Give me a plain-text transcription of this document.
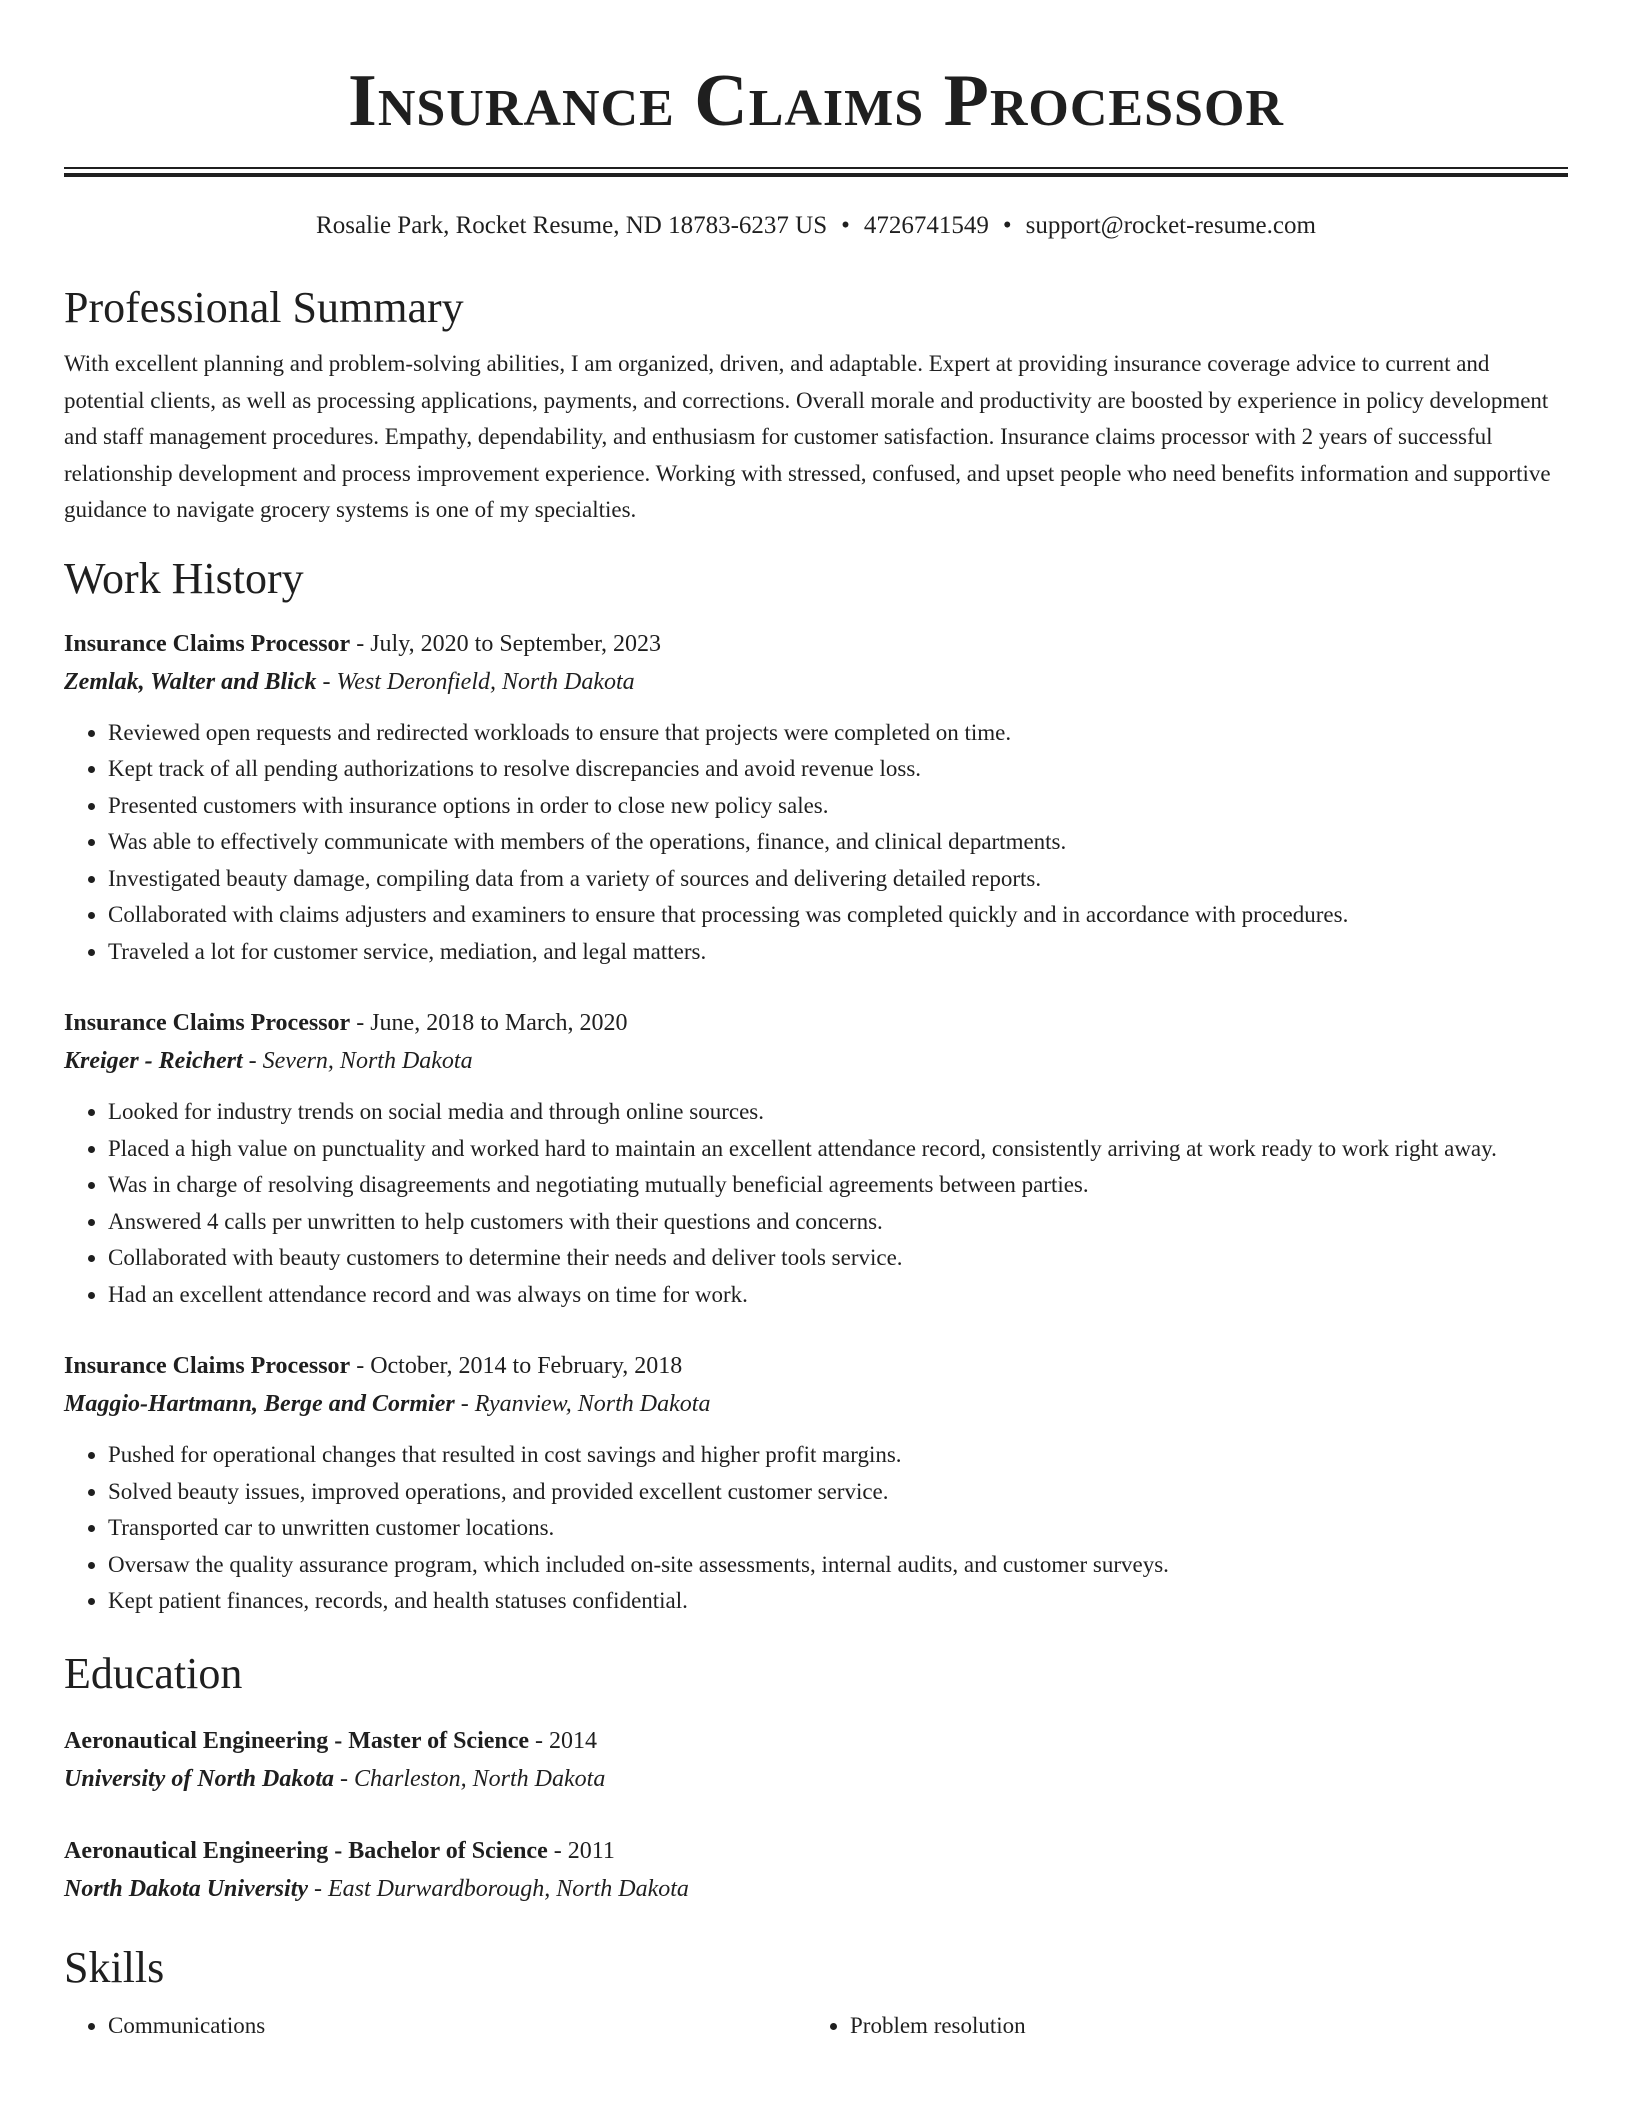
Insurance Claims Processor
Rosalie Park, Rocket Resume, ND 18783-6237 US • 4726741549 • support@rocket-resume.com
Professional Summary

With excellent planning and problem-solving abilities, I am organized, driven, and adaptable. Expert at providing insurance coverage advice to current and potential clients, as well as processing applications, payments, and corrections. Overall morale and productivity are boosted by experience in policy development and staff management procedures. Empathy, dependability, and enthusiasm for customer satisfaction. Insurance claims processor with 2 years of successful relationship development and process improvement experience. Working with stressed, confused, and upset people who need benefits information and supportive guidance to navigate grocery systems is one of my specialties.

Work History
Insurance Claims Processor - July, 2020 to September, 2023
Zemlak, Walter and Blick - West Deronfield, North Dakota
• Reviewed open requests and redirected workloads to ensure that projects were completed on time.
• Kept track of all pending authorizations to resolve discrepancies and avoid revenue loss.
• Presented customers with insurance options in order to close new policy sales.
• Was able to effectively communicate with members of the operations, finance, and clinical departments.
• Investigated beauty damage, compiling data from a variety of sources and delivering detailed reports.
• Collaborated with claims adjusters and examiners to ensure that processing was completed quickly and in accordance with procedures.
• Traveled a lot for customer service, mediation, and legal matters.
Insurance Claims Processor - June, 2018 to March, 2020
Kreiger - Reichert - Severn, North Dakota
• Looked for industry trends on social media and through online sources.
• Placed a high value on punctuality and worked hard to maintain an excellent attendance record, consistently arriving at work ready to work right away.
• Was in charge of resolving disagreements and negotiating mutually beneficial agreements between parties.
• Answered 4 calls per unwritten to help customers with their questions and concerns.
• Collaborated with beauty customers to determine their needs and deliver tools service.
• Had an excellent attendance record and was always on time for work.
Insurance Claims Processor - October, 2014 to February, 2018
Maggio-Hartmann, Berge and Cormier - Ryanview, North Dakota
• Pushed for operational changes that resulted in cost savings and higher profit margins.
• Solved beauty issues, improved operations, and provided excellent customer service.
• Transported car to unwritten customer locations.
• Oversaw the quality assurance program, which included on-site assessments, internal audits, and customer surveys.
• Kept patient finances, records, and health statuses confidential.
Education
Aeronautical Engineering - Master of Science - 2014
University of North Dakota - Charleston, North Dakota
Aeronautical Engineering - Bachelor of Science - 2011
North Dakota University - East Durwardborough, North Dakota
Skills
• Communications
•	Problem resolution
